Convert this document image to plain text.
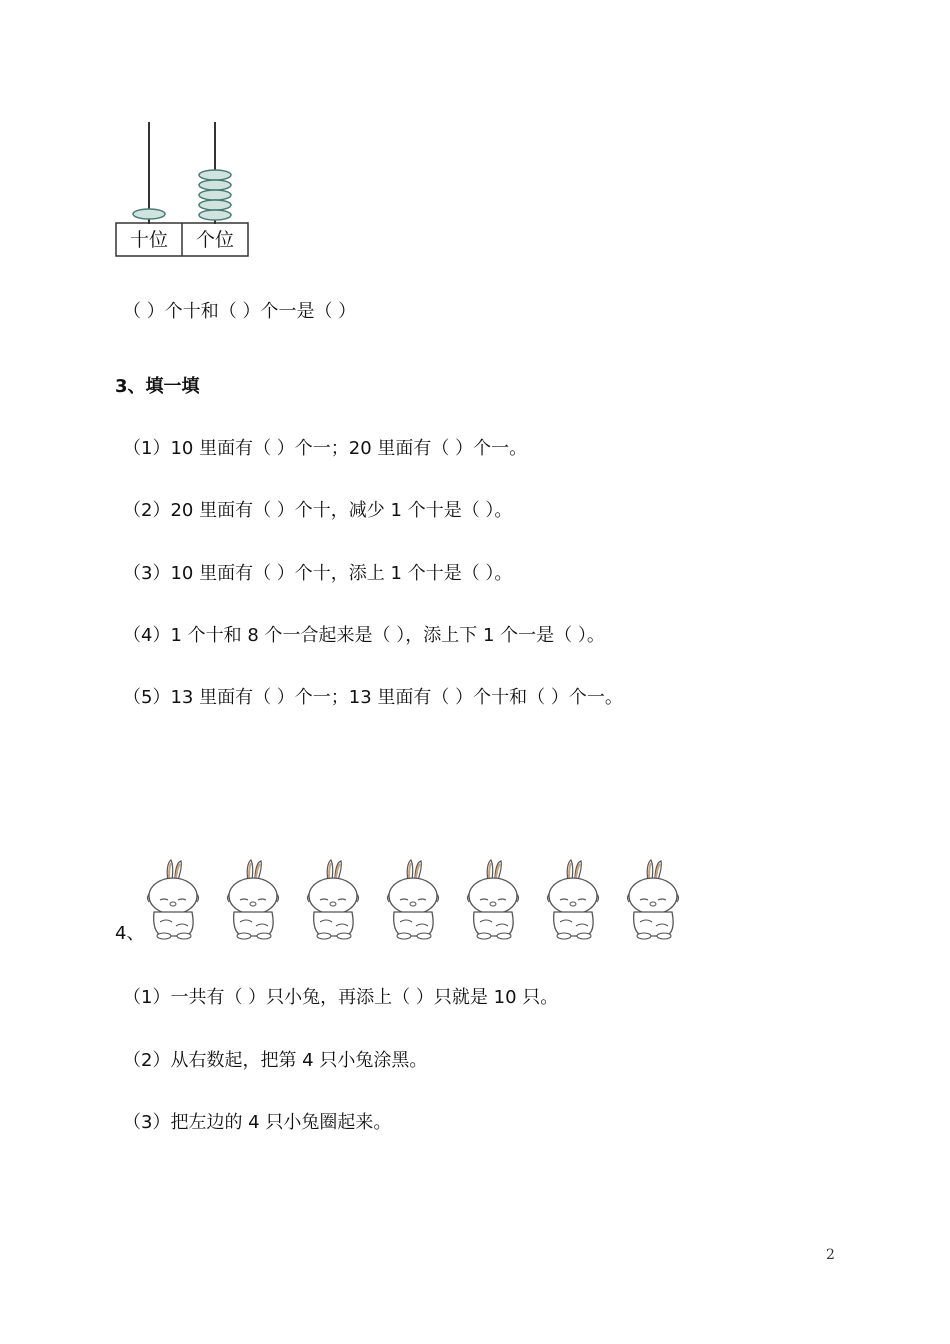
十位	个位
（ ）个十和（ ）个一是（ ）
3、填一填
（1）10 里面有（ ）个一；20 里面有（ ）个一。
（2）20 里面有（ ）个十，减少 1 个十是（ ）。
（3）10 里面有（ ）个十，添上 1 个十是（ ）。
（4）1 个十和 8 个一合起来是（ ），添上下 1 个一是（ ）。
（5）13 里面有（ ）个一；13 里面有（ ）个十和（ ）个一。
4、
（1）一共有（ ）只小兔，再添上（ ）只就是 10 只。
（2）从右数起，把第 4 只小兔涂黑。
（3）把左边的 4 只小兔圈起来。
2
